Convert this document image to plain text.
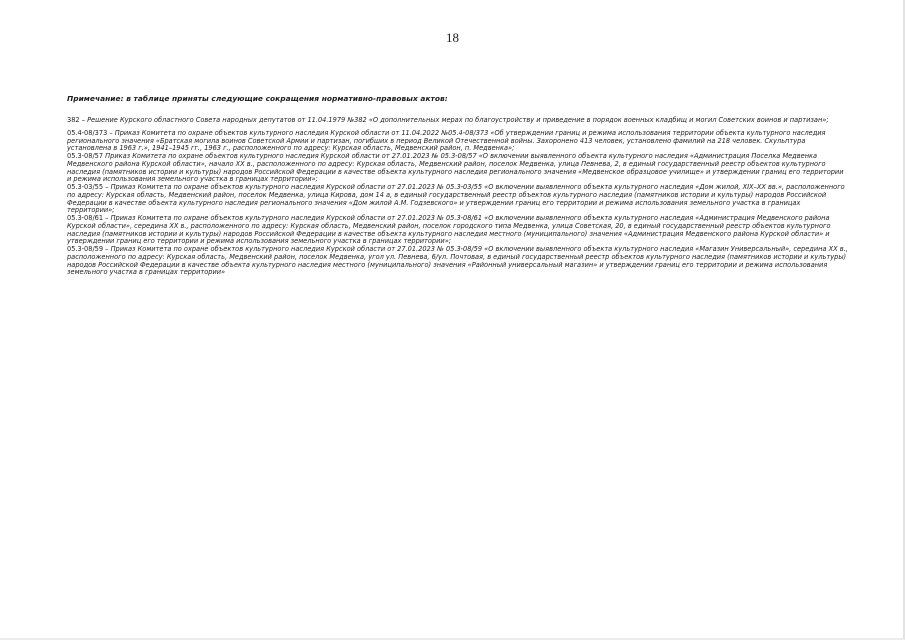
18
Примечание: в таблице приняты следующие сокращения нормативно-правовых актов:

382 – Решение Курского областного Совета народных депутатов от 11.04.1979 №382 «О дополнительных мерах по благоустройству и приведение в порядок военных кладбищ и могил Советских воинов и партизан»;

05.4-08/373 – Приказ Комитета по охране объектов культурного наследия Курской области от 11.04.2022 №05.4-08/373 «Об утверждении границ и режима использования территории объекта культурного наследия регионального значения «Братская могила воинов Советской Армии и партизан, погибших в период Великой Отечественной войны. Захоронено 413 человек, установлено фамилий на 218 человек. Скульптура установлена в 1963 г.», 1941–1945 гг., 1963 г., расположенного по адресу: Курская область, Медвенский район, п. Медвенка»;

05.3-08/57 Приказ Комитета по охране объектов культурного наследия Курской области от 27.01.2023 № 05.3-08/57 «О включении выявленного объекта культурного наследия «Администрация Поселка Медвенка Медвенского района Курской области», начало XX в., расположенного по адресу: Курская область, Медвенский район, поселок Медвенка, улица Певнева, 2, в единый государственный реестр объектов культурного наследия (памятников истории и культуры) народов Российской Федерации в качестве объекта культурного наследия регионального значения «Медвенское образцовое училище» и утверждении границ его территории и режима использования земельного участка в границах территории»;

05.3-03/55 – Приказ Комитета по охране объектов культурного наследия Курской области от 27.01.2023 № 05.3-03/55 «О включении выявленного объекта культурного наследия «Дом жилой, XIX–XX вв.», расположенного по адресу: Курская область, Медвенский район, поселок Медвенка, улица Кирова, дом 14 а, в единый государственный реестр объектов культурного наследия (памятников истории и культуры) народов Российской Федерации в качестве объекта культурного наследия регионального значения «Дом жилой А.М. Годзевского» и утверждении границ его территории и режима использования земельного участка в границах территории»;

05.3-08/61 – Приказ Комитета по охране объектов культурного наследия Курской области от 27.01.2023 № 05.3-08/61 «О включении выявленного объекта культурного наследия «Администрация Медвенского района Курской области», середина XX в., расположенного по адресу: Курская область, Медвенский район, поселок городского типа Медвенка, улица Советская, 20, в единый государственный реестр объектов культурного наследия (памятников истории и культуры) народов Российской Федерации в качестве объекта культурного наследия местного (муниципального) значения «Администрация Медвенского района Курской области» и утверждении границ его территории и режима использования земельного участка в границах территории»;

05.3-08/59 – Приказ Комитета по охране объектов культурного наследия Курской области от 27.01.2023 № 05.3-08/59 «О включении выявленного объекта культурного наследия «Магазин Универсальный», середина XX в., расположенного по адресу: Курская область, Медвенский район, поселок Медвенка, угол ул. Певнева, 6/ул. Почтовая, в единый государственный реестр объектов культурного наследия (памятников истории и культуры) народов Российской Федерации в качестве объекта культурного наследия местного (муниципального) значения «Районный универсальный магазин» и утверждении границ его территории и режима использования земельного участка в границах территории»
